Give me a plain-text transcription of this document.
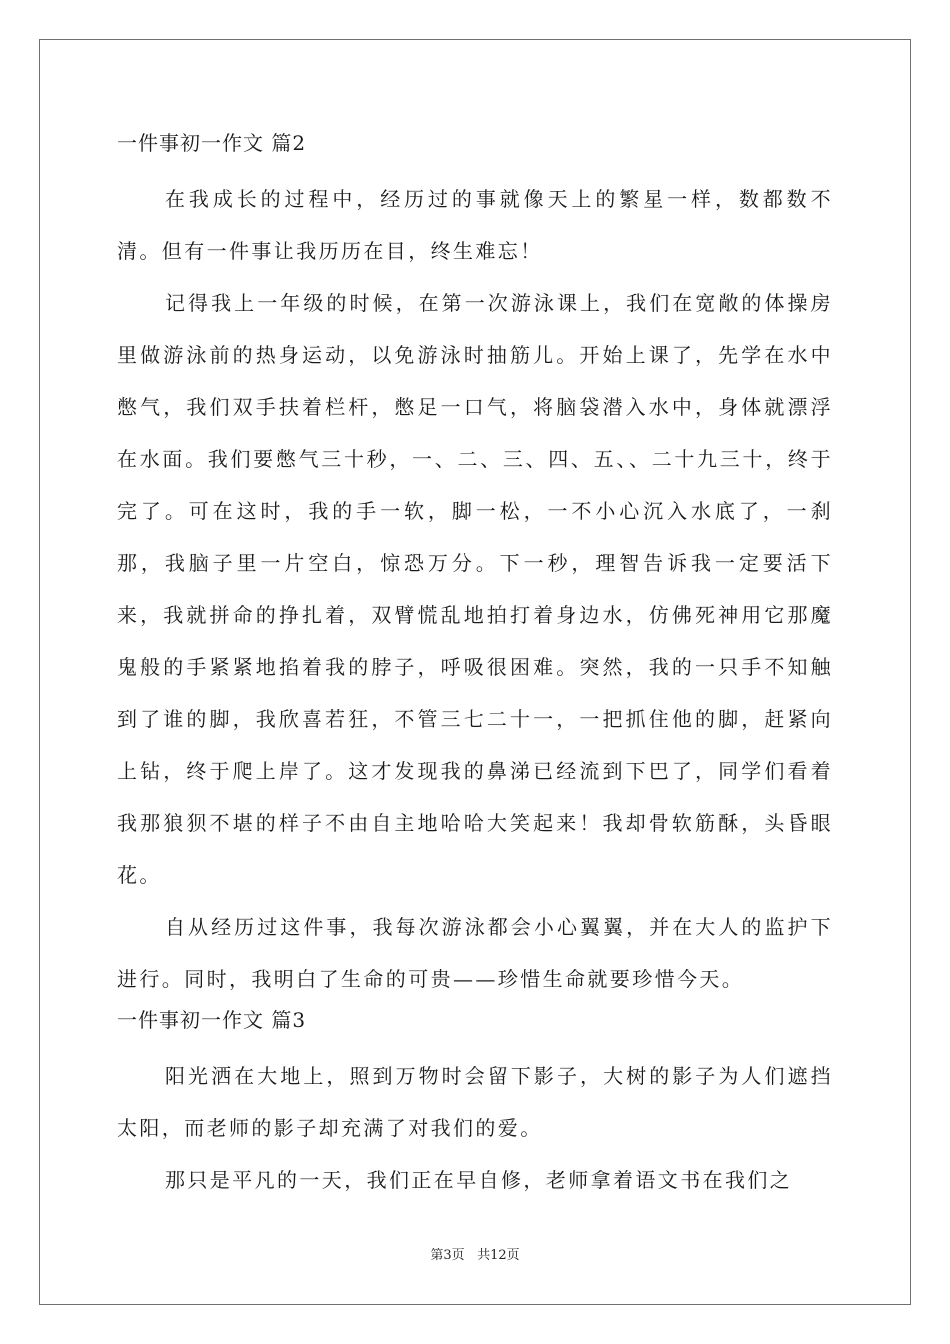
一件事初一作文 篇2

在我成长的过程中，经历过的事就像天上的繁星一样，数都数不清。但有一件事让我历历在目，终生难忘！

记得我上一年级的时候，在第一次游泳课上，我们在宽敞的体操房里做游泳前的热身运动，以免游泳时抽筋儿。开始上课了，先学在水中憋气，我们双手扶着栏杆，憋足一口气，将脑袋潜入水中，身体就漂浮在水面。我们要憋气三十秒，一、二、三、四、五、、二十九三十，终于完了。可在这时，我的手一软，脚一松，一不小心沉入水底了，一刹那，我脑子里一片空白，惊恐万分。下一秒，理智告诉我一定要活下来，我就拼命的挣扎着，双臂慌乱地拍打着身边水，仿佛死神用它那魔鬼般的手紧紧地掐着我的脖子，呼吸很困难。突然，我的一只手不知触到了谁的脚，我欣喜若狂，不管三七二十一，一把抓住他的脚，赶紧向上钻，终于爬上岸了。这才发现我的鼻涕已经流到下巴了，同学们看着我那狼狈不堪的样子不由自主地哈哈大笑起来！我却骨软筋酥，头昏眼花。

自从经历过这件事，我每次游泳都会小心翼翼，并在大人的监护下进行。同时，我明白了生命的可贵——珍惜生命就要珍惜今天。

一件事初一作文 篇3

阳光洒在大地上，照到万物时会留下影子，大树的影子为人们遮挡太阳，而老师的影子却充满了对我们的爱。

那只是平凡的一天，我们正在早自修，老师拿着语文书在我们之

第3页 共12页
